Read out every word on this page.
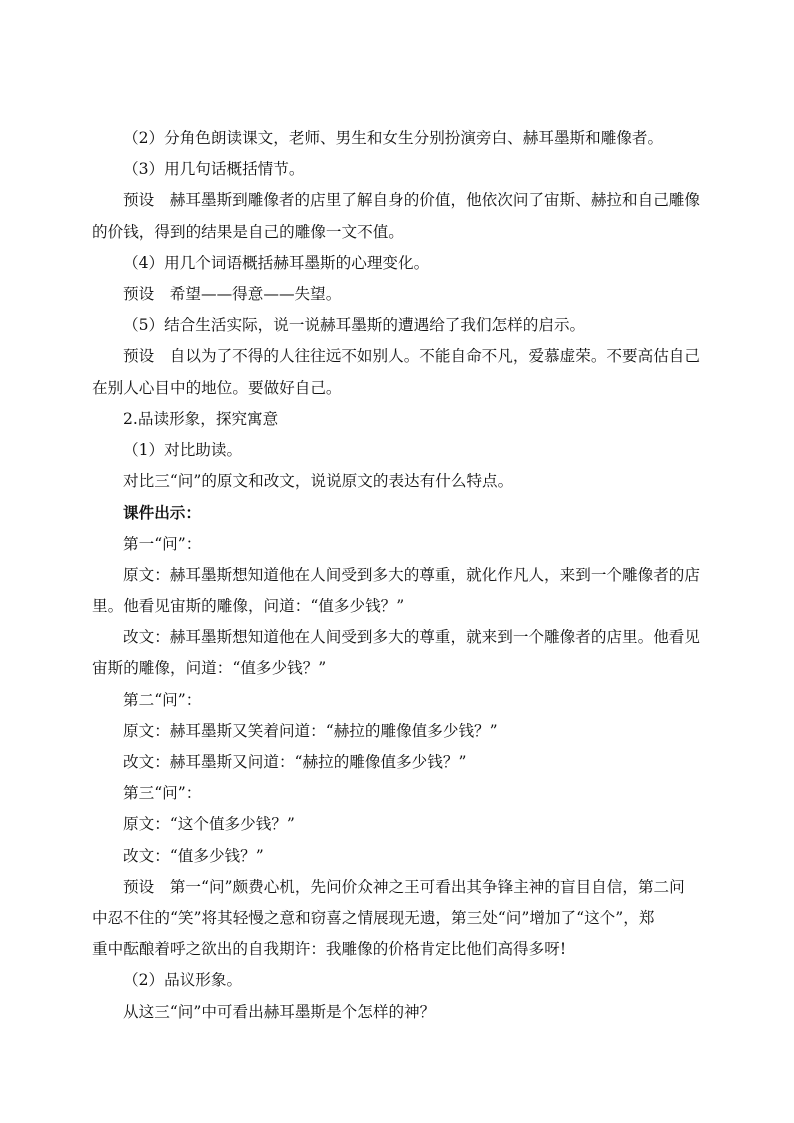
（2）分角色朗读课文，老师、男生和女生分别扮演旁白、赫耳墨斯和雕像者。

（3）用几句话概括情节。

预设　赫耳墨斯到雕像者的店里了解自身的价值，他依次问了宙斯、赫拉和自己雕像

的价钱，得到的结果是自己的雕像一文不值。

（4）用几个词语概括赫耳墨斯的心理变化。

预设　希望——得意——失望。

（5）结合生活实际，说一说赫耳墨斯的遭遇给了我们怎样的启示。

预设　自以为了不得的人往往远不如别人。不能自命不凡，爱慕虚荣。不要高估自己

在别人心目中的地位。要做好自己。

2.品读形象，探究寓意

（1）对比助读。

对比三“问”的原文和改文，说说原文的表达有什么特点。

课件出示：

第一“问”：

原文：赫耳墨斯想知道他在人间受到多大的尊重，就化作凡人，来到一个雕像者的店

里。他看见宙斯的雕像，问道：“值多少钱？”

改文：赫耳墨斯想知道他在人间受到多大的尊重，就来到一个雕像者的店里。他看见

宙斯的雕像，问道：“值多少钱？”

第二“问”：

原文：赫耳墨斯又笑着问道：“赫拉的雕像值多少钱？”

改文：赫耳墨斯又问道：“赫拉的雕像值多少钱？”

第三“问”：

原文：“这个值多少钱？”

改文：“值多少钱？”

预设　第一“问”颇费心机，先问价众神之王可看出其争锋主神的盲目自信，第二问

中忍不住的“笑”将其轻慢之意和窃喜之情展现无遗，第三处“问”增加了“这个”，郑

重中酝酿着呼之欲出的自我期许：我雕像的价格肯定比他们高得多呀!

（2）品议形象。

从这三“问”中可看出赫耳墨斯是个怎样的神？
